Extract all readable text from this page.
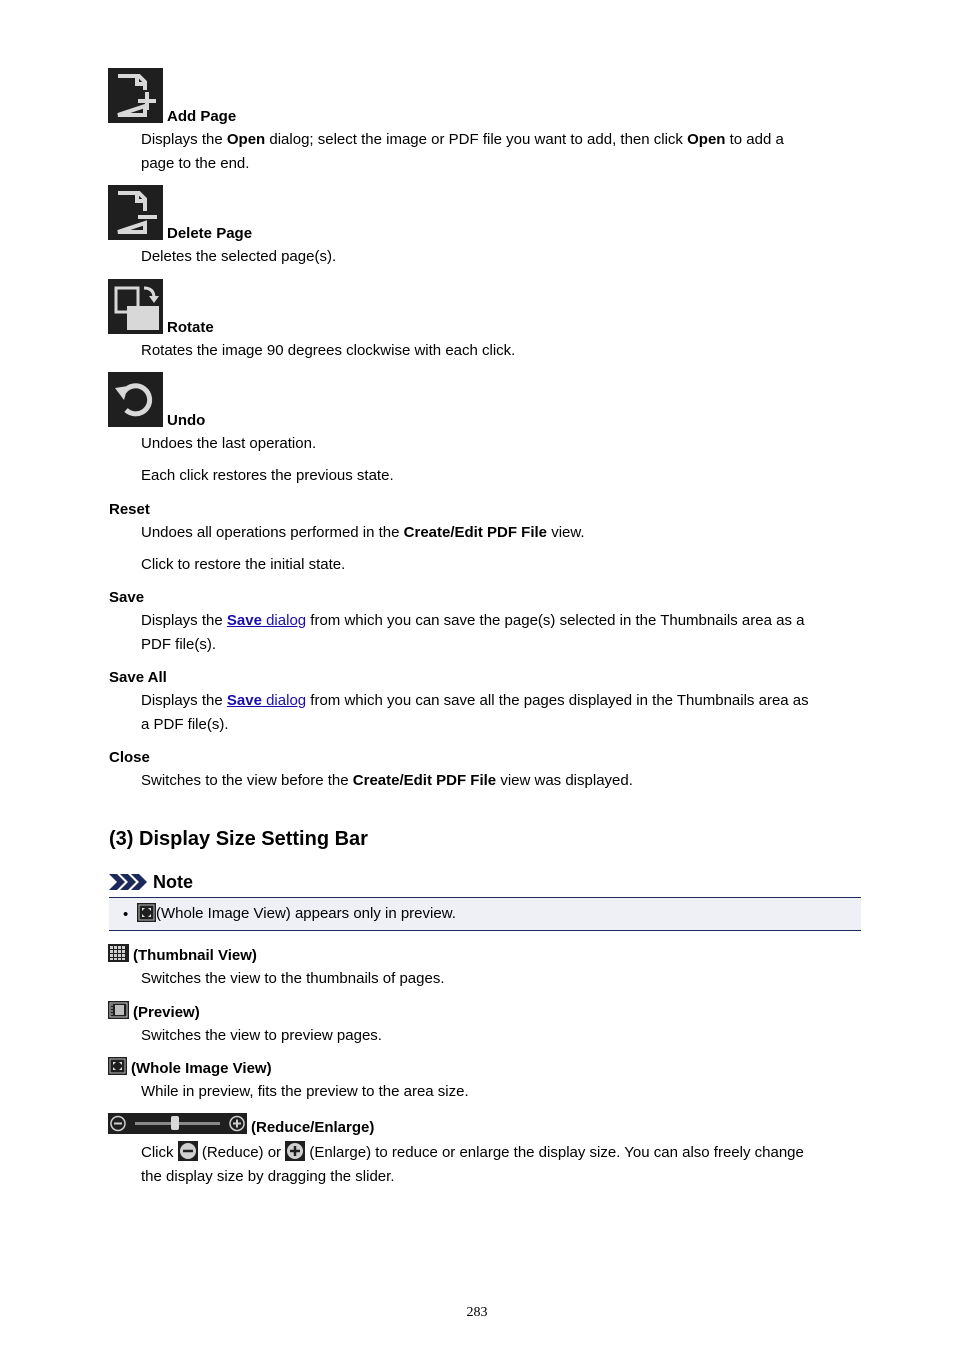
Add Page
Displays the Open dialog; select the image or PDF file you want to add, then click Open to add a
page to the end.
Delete Page
Deletes the selected page(s).
Rotate
Rotates the image 90 degrees clockwise with each click.
Undo
Undoes the last operation.
Each click restores the previous state.
Reset
Undoes all operations performed in the Create/Edit PDF File view.
Click to restore the initial state.
Save
Displays the Save dialog from which you can save the page(s) selected in the Thumbnails area as a
PDF file(s).
Save All
Displays the Save dialog from which you can save all the pages displayed in the Thumbnails area as
a PDF file(s).
Close
Switches to the view before the Create/Edit PDF File view was displayed.
(3) Display Size Setting Bar
Note
• (Whole Image View) appears only in preview.
(Thumbnail View)
Switches the view to the thumbnails of pages.
(Preview)
Switches the view to preview pages.
(Whole Image View)
While in preview, fits the preview to the area size.
(Reduce/Enlarge)
Click  (Reduce) or  (Enlarge) to reduce or enlarge the display size. You can also freely change
the display size by dragging the slider.
283
